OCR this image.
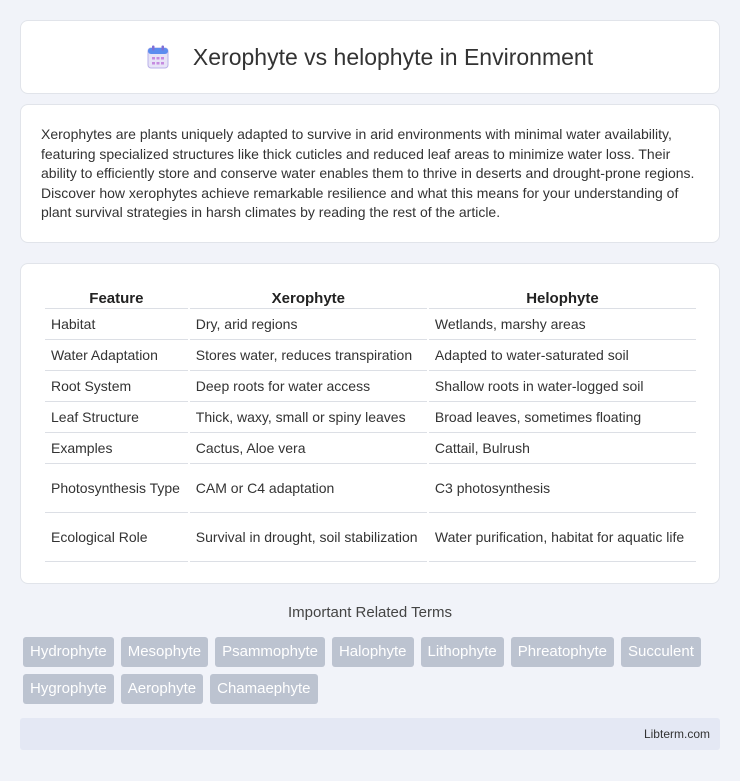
Xerophyte vs helophyte in Environment

Xerophytes are plants uniquely adapted to survive in arid environments with minimal water availability, featuring specialized structures like thick cuticles and reduced leaf areas to minimize water loss. Their ability to efficiently store and conserve water enables them to thrive in deserts and drought-prone regions. Discover how xerophytes achieve remarkable resilience and what this means for your understanding of plant survival strategies in harsh climates by reading the rest of the article.

Feature	Xerophyte	Helophyte
Habitat	Dry, arid regions	Wetlands, marshy areas
Water Adaptation	Stores water, reduces transpiration	Adapted to water-saturated soil
Root System	Deep roots for water access	Shallow roots in water-logged soil
Leaf Structure	Thick, waxy, small or spiny leaves	Broad leaves, sometimes floating
Examples	Cactus, Aloe vera	Cattail, Bulrush
Photosynthesis Type	CAM or C4 adaptation	C3 photosynthesis
Ecological Role	Survival in drought, soil stabilization	Water purification, habitat for aquatic life
Important Related Terms
Hydrophyte	Mesophyte	Psammophyte	Halophyte	Lithophyte	Phreatophyte	Succulent
Hygrophyte	Aerophyte	Chamaephyte
Libterm.com
